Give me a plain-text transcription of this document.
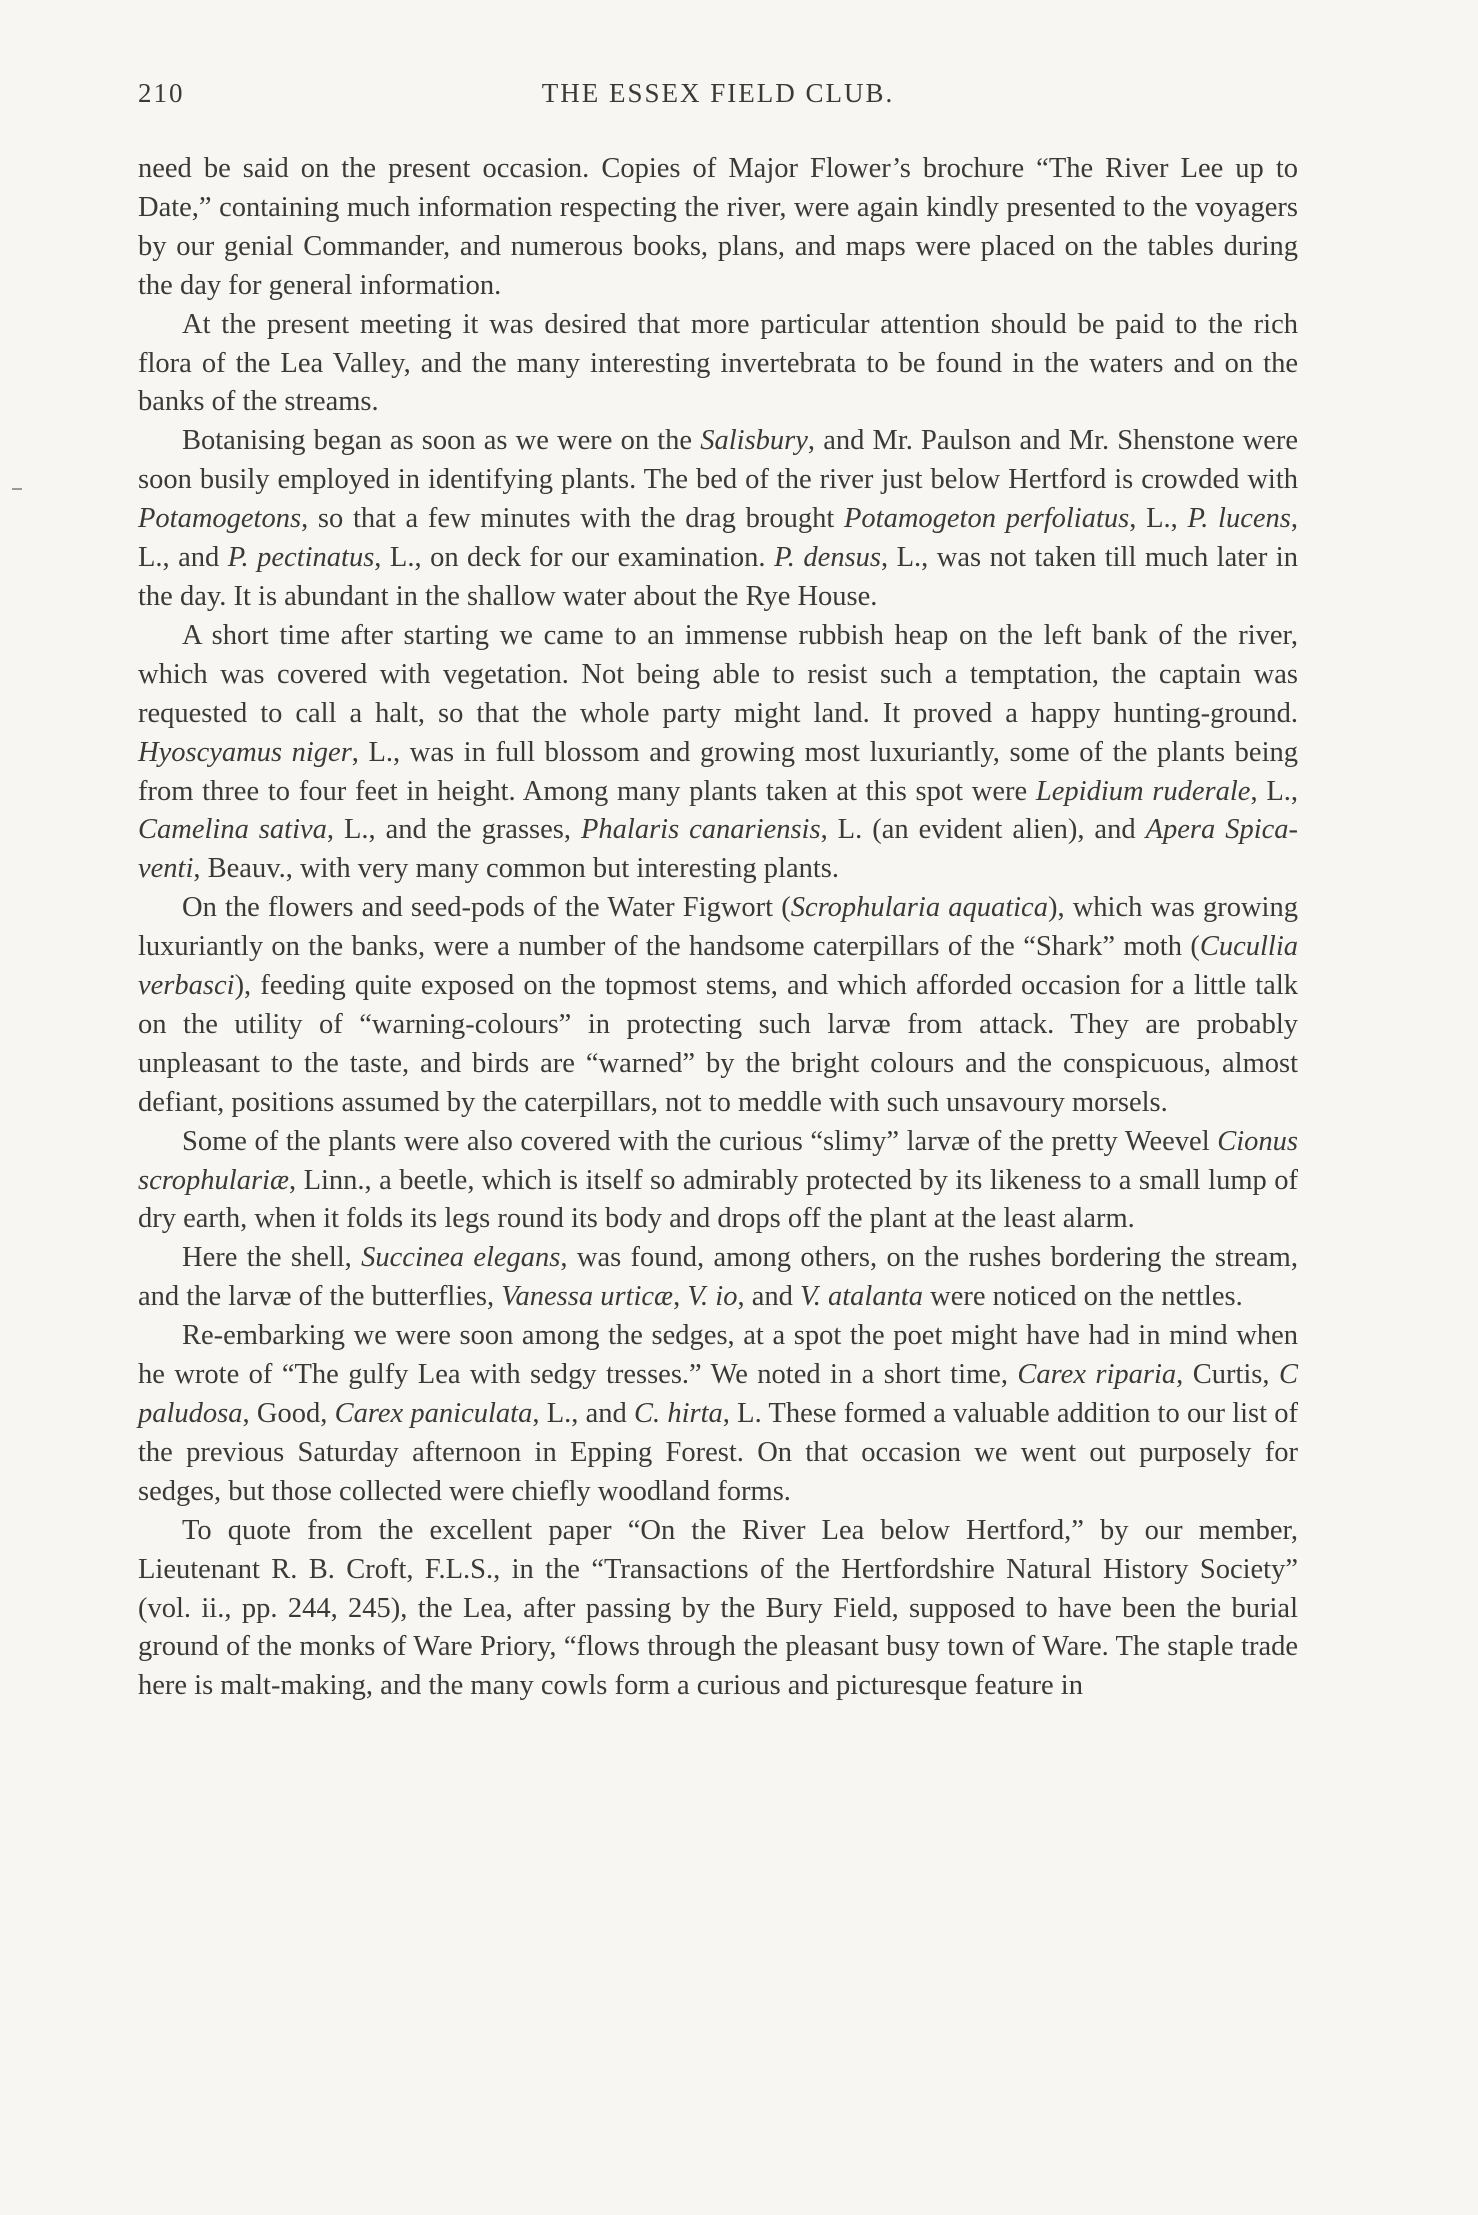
210	THE ESSEX FIELD CLUB.

need be said on the present occasion. Copies of Major Flower’s brochure “The River Lee up to Date,” containing much information respecting the river, were again kindly presented to the voyagers by our genial Commander, and numerous books, plans, and maps were placed on the tables during the day for general information.

At the present meeting it was desired that more particular attention should be paid to the rich flora of the Lea Valley, and the many interesting invertebrata to be found in the waters and on the banks of the streams.

Botanising began as soon as we were on the Salisbury, and Mr. Paulson and Mr. Shenstone were soon busily employed in identifying plants. The bed of the river just below Hertford is crowded with Potamogetons, so that a few minutes with the drag brought Potamogeton perfoliatus, L., P. lucens, L., and P. pectinatus, L., on deck for our examination. P. densus, L., was not taken till much later in the day. It is abundant in the shallow water about the Rye House.

A short time after starting we came to an immense rubbish heap on the left bank of the river, which was covered with vegetation. Not being able to resist such a temptation, the captain was requested to call a halt, so that the whole party might land. It proved a happy hunting-ground. Hyoscyamus niger, L., was in full blossom and growing most luxuriantly, some of the plants being from three to four feet in height. Among many plants taken at this spot were Lepidium ruderale, L., Camelina sativa, L., and the grasses, Phalaris canariensis, L. (an evident alien), and Apera Spica-venti, Beauv., with very many common but interesting plants.

On the flowers and seed-pods of the Water Figwort (Scrophularia aquatica), which was growing luxuriantly on the banks, were a number of the handsome caterpillars of the “Shark” moth (Cucullia verbasci), feeding quite exposed on the topmost stems, and which afforded occasion for a little talk on the utility of “warning-colours” in protecting such larvæ from attack. They are probably unpleasant to the taste, and birds are “warned” by the bright colours and the conspicuous, almost defiant, positions assumed by the caterpillars, not to meddle with such unsavoury morsels.

Some of the plants were also covered with the curious “slimy” larvæ of the pretty Weevel Cionus scrophulariæ, Linn., a beetle, which is itself so admirably protected by its likeness to a small lump of dry earth, when it folds its legs round its body and drops off the plant at the least alarm.

Here the shell, Succinea elegans, was found, among others, on the rushes bordering the stream, and the larvæ of the butterflies, Vanessa urticæ, V. io, and V. atalanta were noticed on the nettles.

Re-embarking we were soon among the sedges, at a spot the poet might have had in mind when he wrote of “The gulfy Lea with sedgy tresses.” We noted in a short time, Carex riparia, Curtis, C paludosa, Good, Carex paniculata, L., and C. hirta, L. These formed a valuable addition to our list of the previous Saturday afternoon in Epping Forest. On that occasion we went out purposely for sedges, but those collected were chiefly woodland forms.

To quote from the excellent paper “On the River Lea below Hertford,” by our member, Lieutenant R. B. Croft, F.L.S., in the “Transactions of the Hertfordshire Natural History Society” (vol. ii., pp. 244, 245), the Lea, after passing by the Bury Field, supposed to have been the burial ground of the monks of Ware Priory, “flows through the pleasant busy town of Ware. The staple trade here is malt-making, and the many cowls form a curious and picturesque feature in
